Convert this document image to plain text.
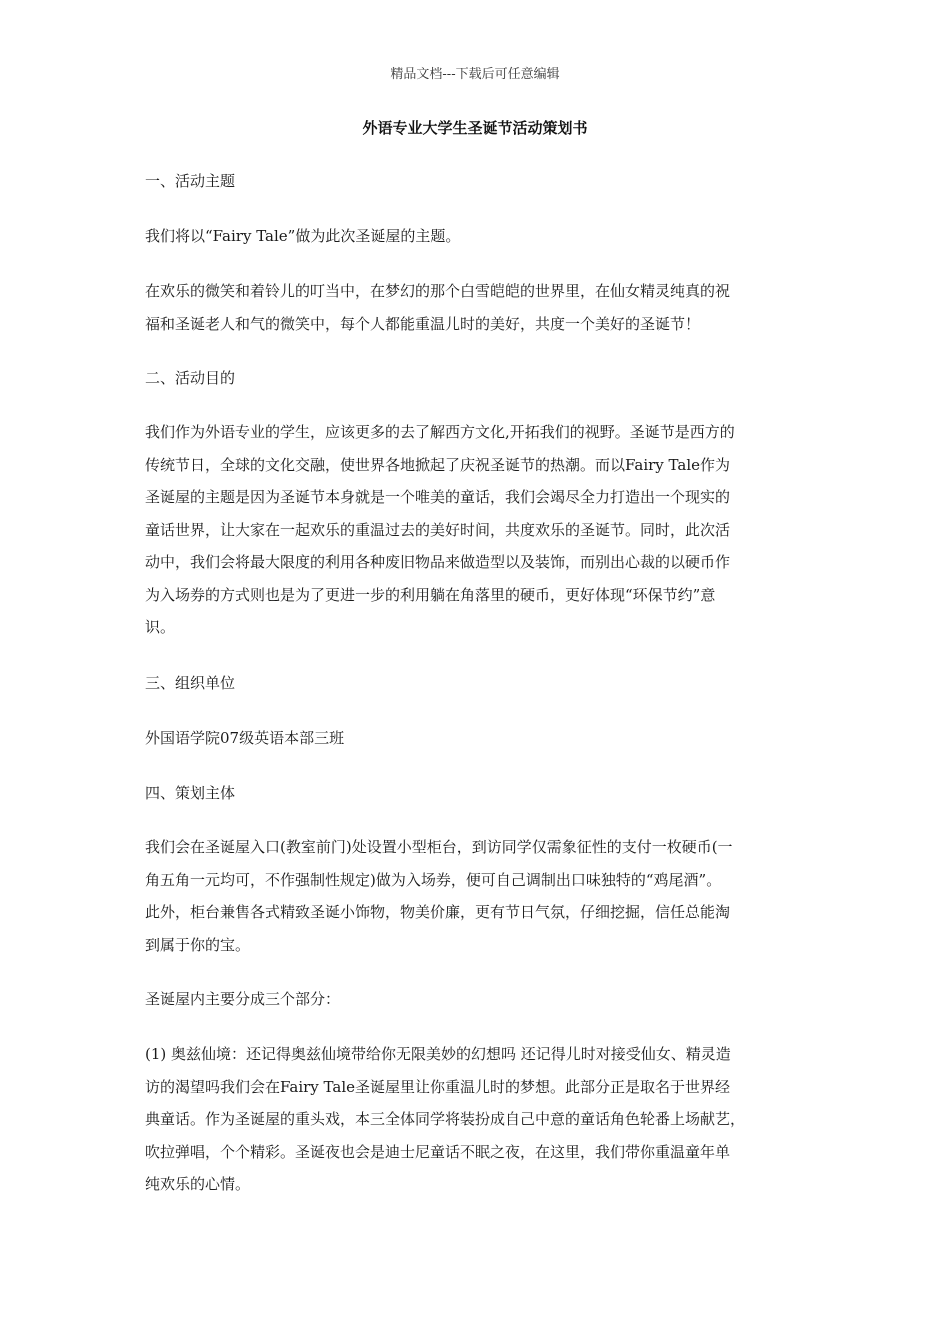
精品文档---下载后可任意编辑
外语专业大学生圣诞节活动策划书
一、活动主题
我们将以“Fairy Tale”做为此次圣诞屋的主题。
在欢乐的微笑和着铃儿的叮当中，在梦幻的那个白雪皑皑的世界里，在仙女精灵纯真的祝
福和圣诞老人和气的微笑中，每个人都能重温儿时的美好，共度一个美好的圣诞节！
二、活动目的
我们作为外语专业的学生，应该更多的去了解西方文化,开拓我们的视野。圣诞节是西方的
传统节日，全球的文化交融，使世界各地掀起了庆祝圣诞节的热潮。而以Fairy Tale作为
圣诞屋的主题是因为圣诞节本身就是一个唯美的童话，我们会竭尽全力打造出一个现实的
童话世界，让大家在一起欢乐的重温过去的美好时间，共度欢乐的圣诞节。同时，此次活
动中，我们会将最大限度的利用各种废旧物品来做造型以及装饰，而别出心裁的以硬币作
为入场券的方式则也是为了更进一步的利用躺在角落里的硬币，更好体现“环保节约”意
识。
三、组织单位
外国语学院07级英语本部三班
四、策划主体
我们会在圣诞屋入口(教室前门)处设置小型柜台，到访同学仅需象征性的支付一枚硬币(一
角五角一元均可，不作强制性规定)做为入场券，便可自己调制出口味独特的“鸡尾酒”。
此外，柜台兼售各式精致圣诞小饰物，物美价廉，更有节日气氛，仔细挖掘，信任总能淘
到属于你的宝。
圣诞屋内主要分成三个部分：
(1) 奥兹仙境：还记得奥兹仙境带给你无限美妙的幻想吗 还记得儿时对接受仙女、精灵造
访的渴望吗我们会在Fairy Tale圣诞屋里让你重温儿时的梦想。此部分正是取名于世界经
典童话。作为圣诞屋的重头戏，本三全体同学将装扮成自己中意的童话角色轮番上场献艺，
吹拉弹唱，个个精彩。圣诞夜也会是迪士尼童话不眠之夜，在这里，我们带你重温童年单
纯欢乐的心情。
